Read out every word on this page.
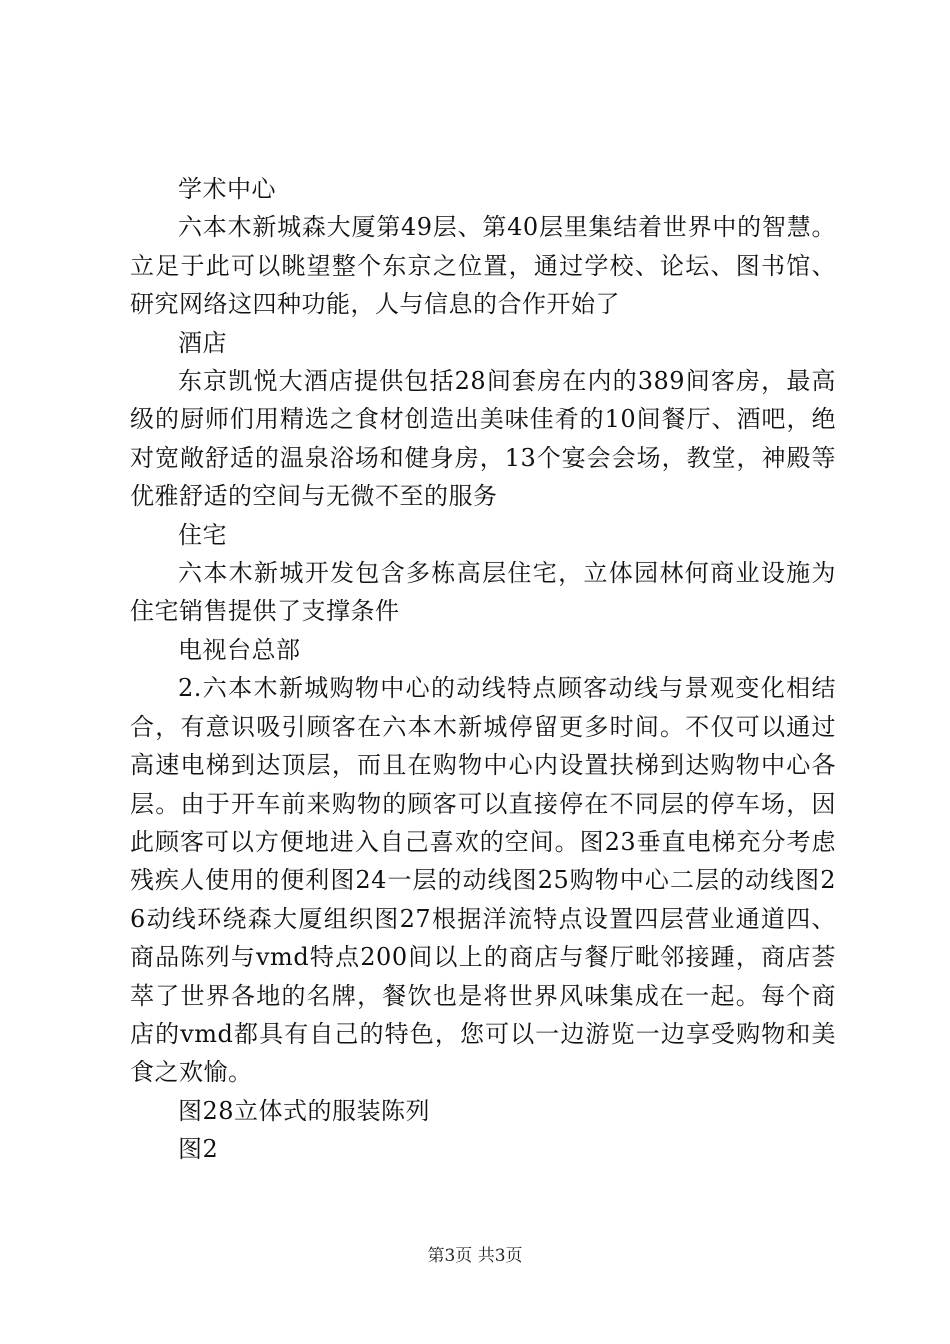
学术中心

六本木新城森大厦第49层、第40层里集结着世界中的智慧。立足于此可以眺望整个东京之位置，通过学校、论坛、图书馆、研究网络这四种功能，人与信息的合作开始了

酒店

东京凯悦大酒店提供包括28间套房在内的389间客房，最高级的厨师们用精选之食材创造出美味佳肴的10间餐厅、酒吧，绝对宽敞舒适的温泉浴场和健身房，13个宴会会场，教堂，神殿等优雅舒适的空间与无微不至的服务

住宅

六本木新城开发包含多栋高层住宅，立体园林何商业设施为住宅销售提供了支撑条件

电视台总部

2.六本木新城购物中心的动线特点顾客动线与景观变化相结合，有意识吸引顾客在六本木新城停留更多时间。不仅可以通过高速电梯到达顶层，而且在购物中心内设置扶梯到达购物中心各层。由于开车前来购物的顾客可以直接停在不同层的停车场，因此顾客可以方便地进入自己喜欢的空间。图23垂直电梯充分考虑残疾人使用的便利图24一层的动线图25购物中心二层的动线图26动线环绕森大厦组织图27根据洋流特点设置四层营业通道四、商品陈列与vmd特点200间以上的商店与餐厅毗邻接踵，商店荟萃了世界各地的名牌，餐饮也是将世界风味集成在一起。每个商店的vmd都具有自己的特色，您可以一边游览一边享受购物和美食之欢愉。

图28立体式的服装陈列

图2

第3页 共3页
